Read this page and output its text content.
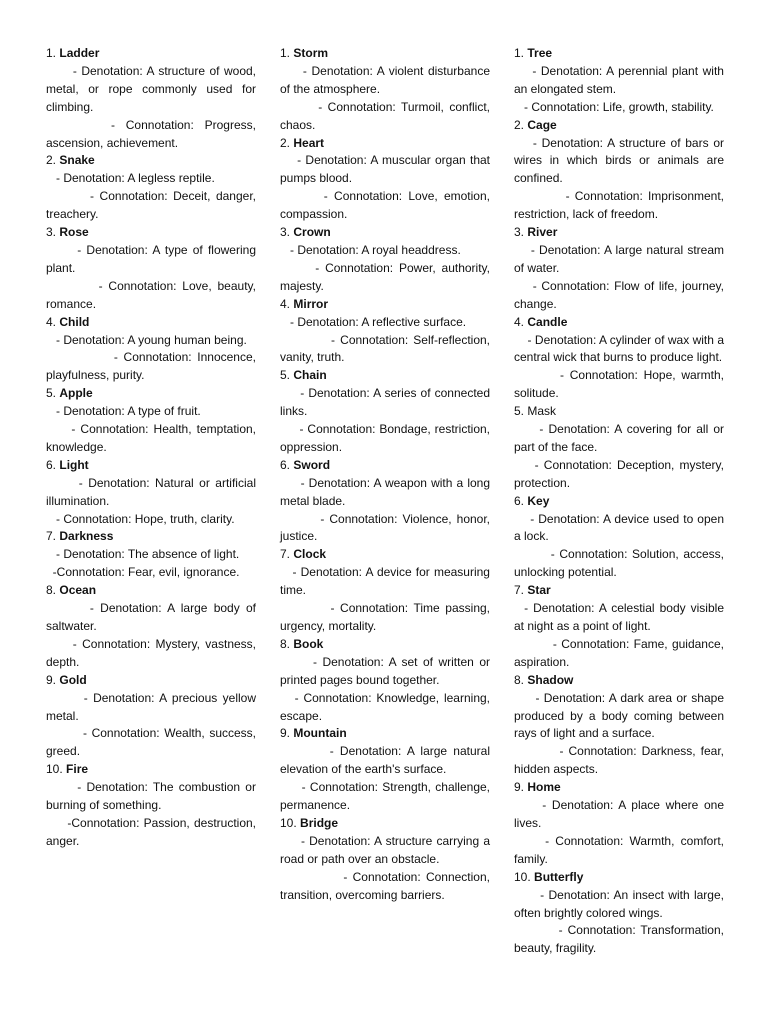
1. Ladder

- Denotation: A structure of wood, metal, or rope commonly used for climbing.

- Connotation: Progress, ascension, achievement.

2. Snake

- Denotation: A legless reptile.

- Connotation: Deceit, danger, treachery.

3. Rose

- Denotation: A type of flowering plant.

- Connotation: Love, beauty, romance.

4. Child

- Denotation: A young human being.

- Connotation: Innocence, playfulness, purity.

5. Apple

- Denotation: A type of fruit.

- Connotation: Health, temptation, knowledge.

6. Light

- Denotation: Natural or artificial illumination.

- Connotation: Hope, truth, clarity.

7. Darkness

- Denotation: The absence of light.

-Connotation: Fear, evil, ignorance.

8. Ocean

- Denotation: A large body of saltwater.

- Connotation: Mystery, vastness, depth.

9. Gold

- Denotation: A precious yellow metal.

- Connotation: Wealth, success, greed.

10. Fire

- Denotation: The combustion or burning of something.

-Connotation: Passion, destruction, anger.

1. Storm

- Denotation: A violent disturbance of the atmosphere.

- Connotation: Turmoil, conflict, chaos.

2. Heart

- Denotation: A muscular organ that pumps blood.

- Connotation: Love, emotion, compassion.

3. Crown

- Denotation: A royal headdress.

- Connotation: Power, authority, majesty.

4. Mirror

- Denotation: A reflective surface.

- Connotation: Self-reflection, vanity, truth.

5. Chain

- Denotation: A series of connected links.

- Connotation: Bondage, restriction, oppression.

6. Sword

- Denotation: A weapon with a long metal blade.

- Connotation: Violence, honor, justice.

7. Clock

- Denotation: A device for measuring time.

- Connotation: Time passing, urgency, mortality.

8. Book

- Denotation: A set of written or printed pages bound together.

- Connotation: Knowledge, learning, escape.

9. Mountain

- Denotation: A large natural elevation of the earth's surface.

- Connotation: Strength, challenge, permanence.

10. Bridge

- Denotation: A structure carrying a road or path over an obstacle.

- Connotation: Connection, transition, overcoming barriers.

1. Tree

- Denotation: A perennial plant with an elongated stem.

- Connotation: Life, growth, stability.

2. Cage

- Denotation: A structure of bars or wires in which birds or animals are confined.

- Connotation: Imprisonment, restriction, lack of freedom.

3. River

- Denotation: A large natural stream of water.

- Connotation: Flow of life, journey, change.

4. Candle

- Denotation: A cylinder of wax with a central wick that burns to produce light.

- Connotation: Hope, warmth, solitude.

5. Mask

- Denotation: A covering for all or part of the face.

- Connotation: Deception, mystery, protection.

6. Key

- Denotation: A device used to open a lock.

- Connotation: Solution, access, unlocking potential.

7. Star

- Denotation: A celestial body visible at night as a point of light.

- Connotation: Fame, guidance, aspiration.

8. Shadow

- Denotation: A dark area or shape produced by a body coming between rays of light and a surface.

- Connotation: Darkness, fear, hidden aspects.

9. Home

- Denotation: A place where one lives.

- Connotation: Warmth, comfort, family.

10. Butterfly

- Denotation: An insect with large, often brightly colored wings.

- Connotation: Transformation, beauty, fragility.
